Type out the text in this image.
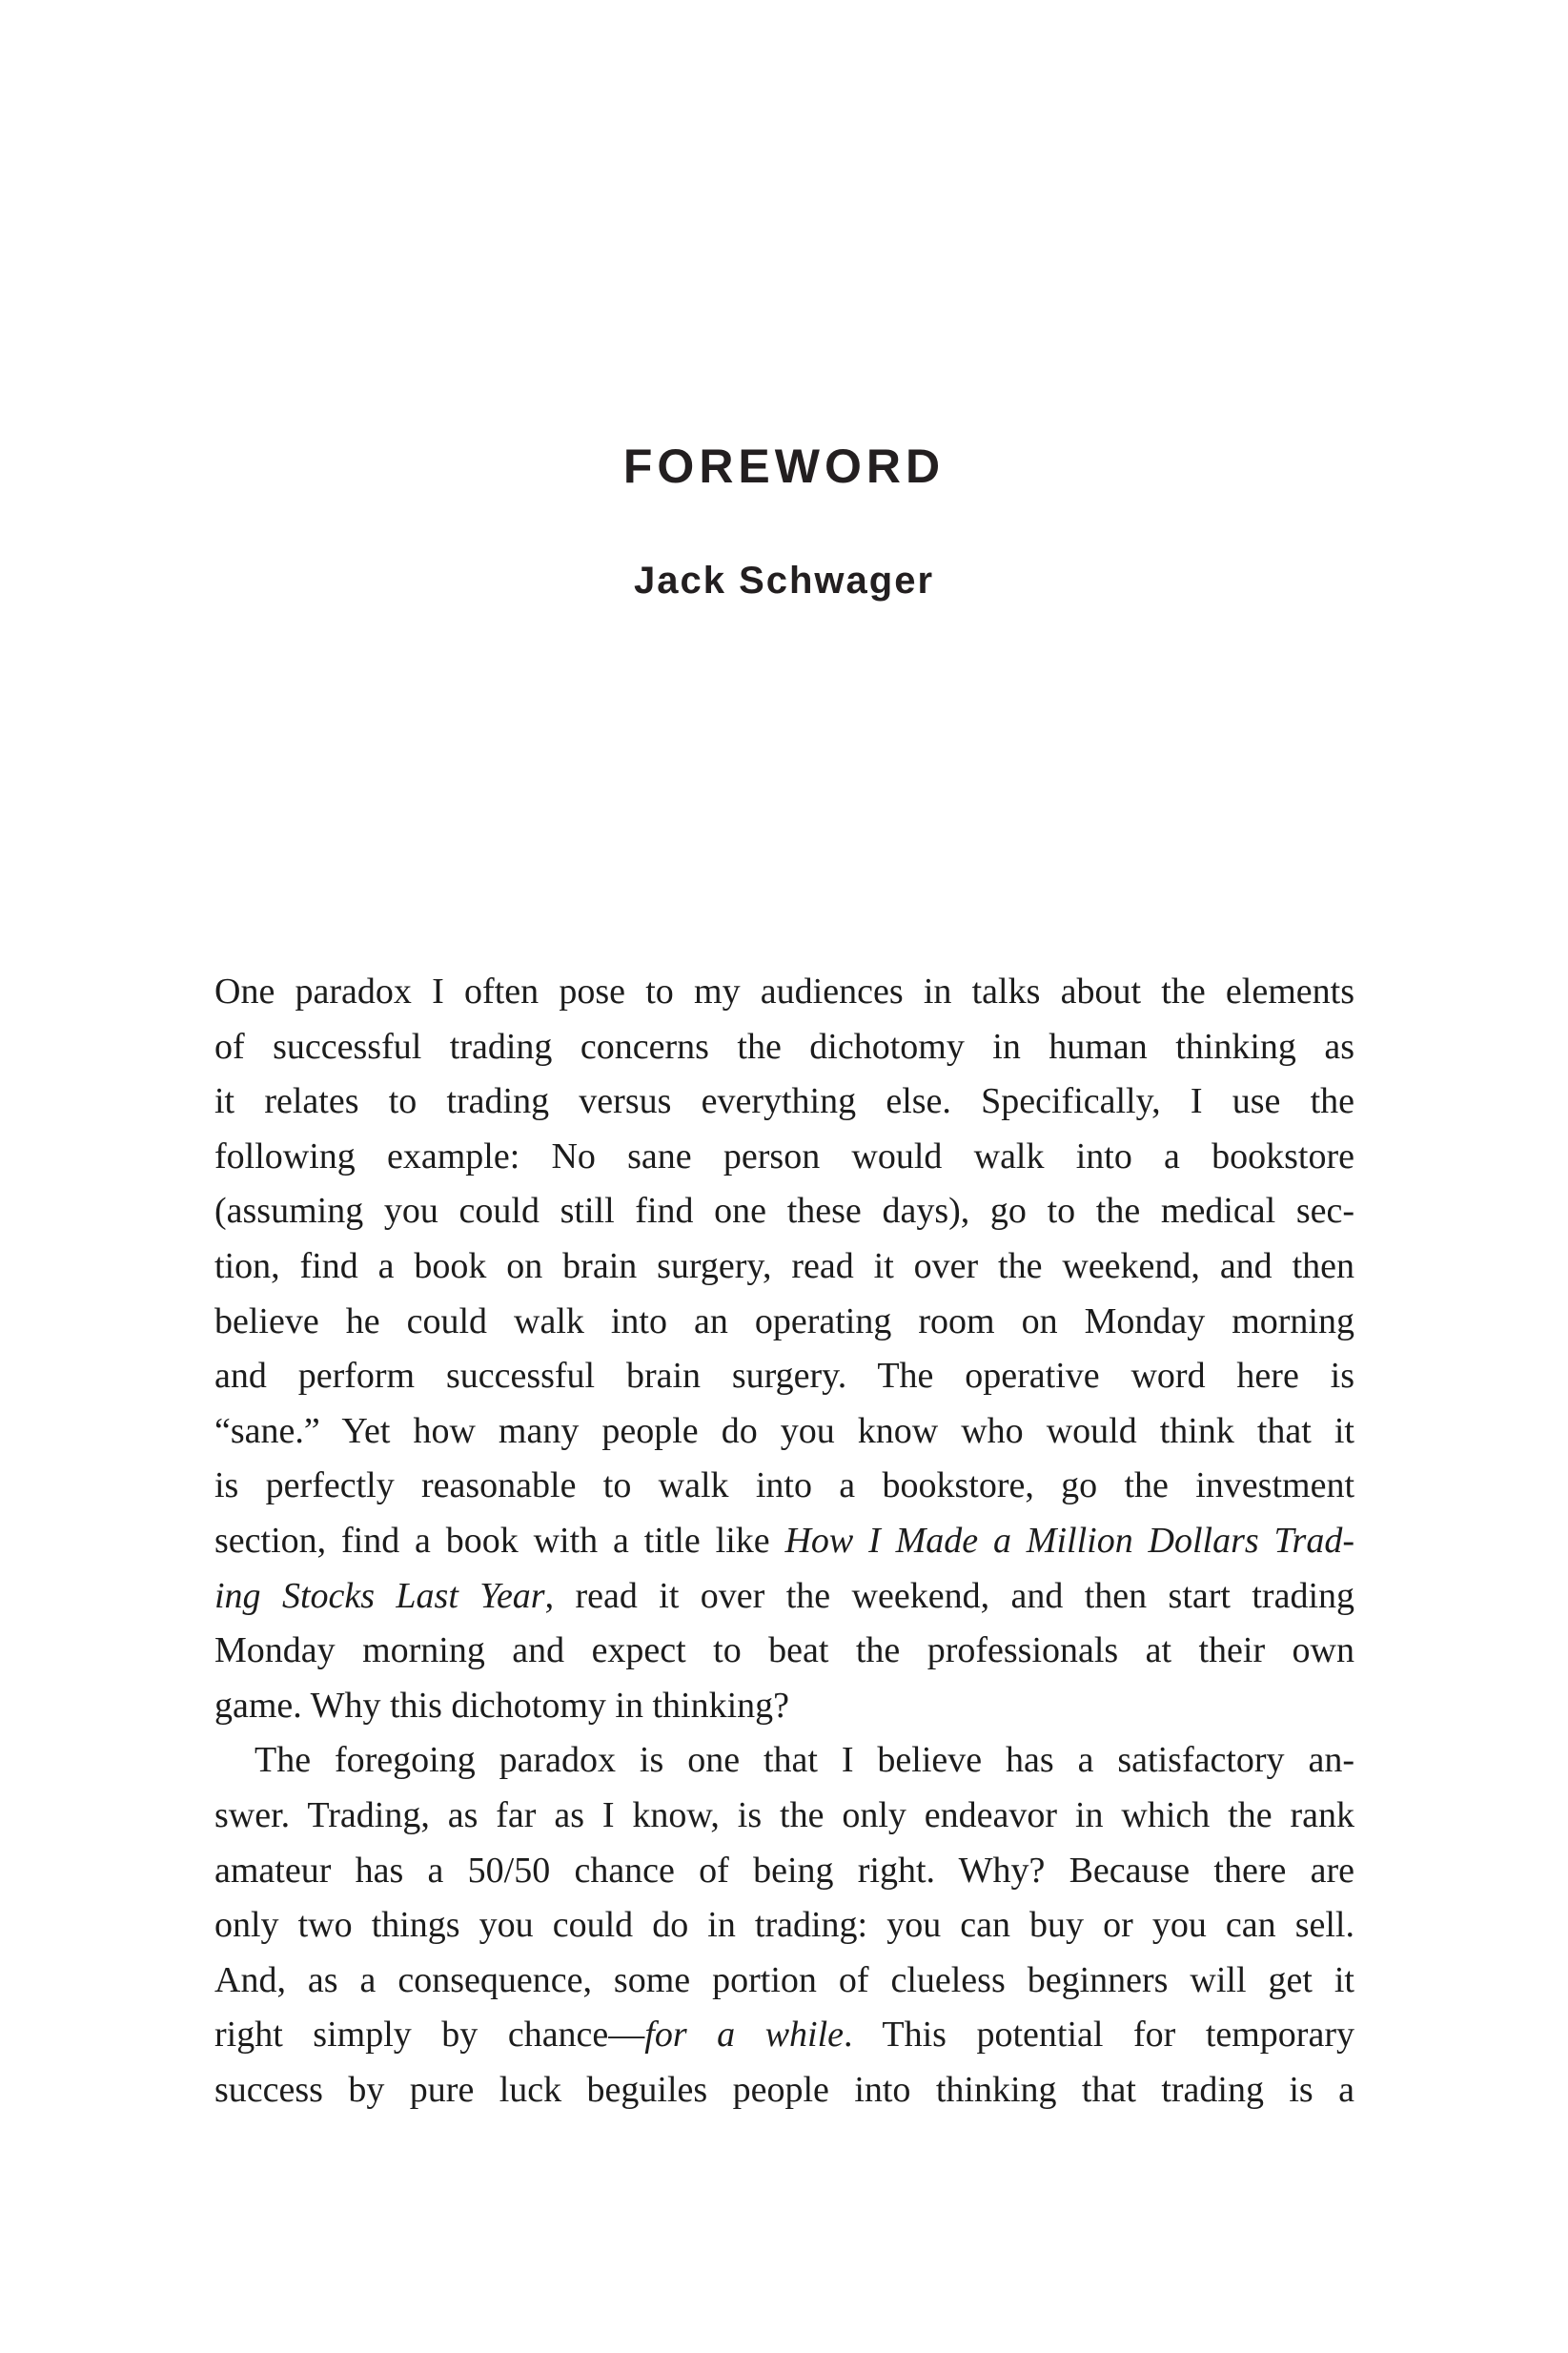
FOREWORD
Jack Schwager
One paradox I often pose to my audiences in talks about the elements
of successful trading concerns the dichotomy in human thinking as
it relates to trading versus everything else. Specifically, I use the
following example: No sane person would walk into a bookstore
(assuming you could still find one these days), go to the medical sec-
tion, find a book on brain surgery, read it over the weekend, and then
believe he could walk into an operating room on Monday morning
and perform successful brain surgery. The operative word here is
“sane.” Yet how many people do you know who would think that it
is perfectly reasonable to walk into a bookstore, go the investment
section, find a book with a title like How I Made a Million Dollars Trad-
ing Stocks Last Year, read it over the weekend, and then start trading
Monday morning and expect to beat the professionals at their own
game. Why this dichotomy in thinking?
The foregoing paradox is one that I believe has a satisfactory an-
swer. Trading, as far as I know, is the only endeavor in which the rank
amateur has a 50/50 chance of being right. Why? Because there are
only two things you could do in trading: you can buy or you can sell.
And, as a consequence, some portion of clueless beginners will get it
right simply by chance—for a while. This potential for temporary
success by pure luck beguiles people into thinking that trading is a
